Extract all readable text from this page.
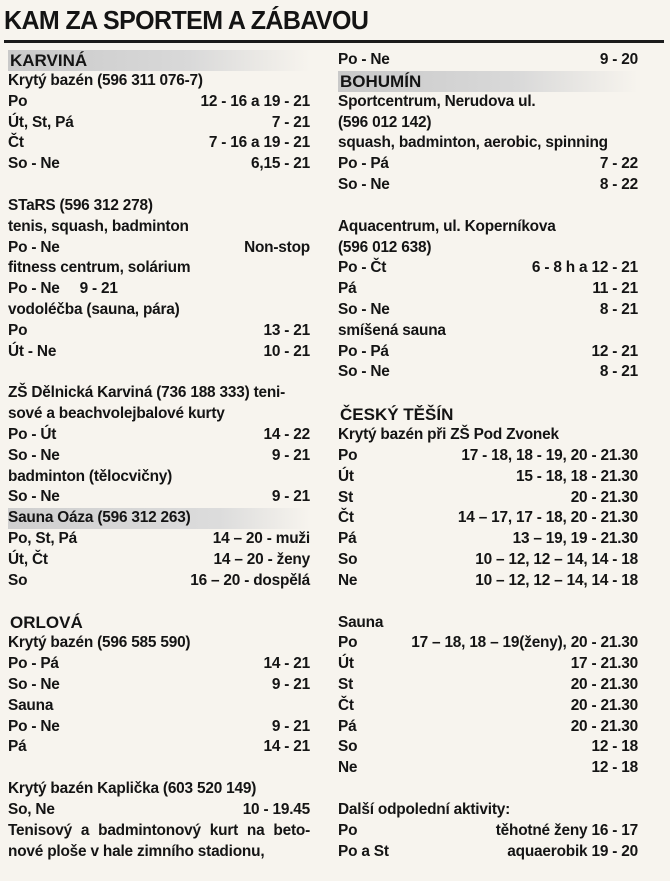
KAM ZA SPORTEM A ZÁBAVOU
KARVINÁ
Krytý bazén (596 311 076-7)
Po	12 - 16 a 19 - 21
Út, St, Pá	7 - 21
Čt	7 - 16 a 19 - 21
So - Ne	6,15 - 21
STaRS (596 312 278)
tenis, squash, badminton
Po - Ne	Non-stop
fitness centrum, solárium
Po - Ne 9 - 21
vodoléčba (sauna, pára)
Po	13 - 21
Út - Ne	10 - 21
ZŠ Dělnická Karviná (736 188 333) teni-
sové a beachvolejbalové kurty
Po - Út	14 - 22
So - Ne	9 - 21
badminton (tělocvičny)
So - Ne	9 - 21
Sauna Oáza (596 312 263)
Po, St, Pá	14 – 20 - muži
Út, Čt	14 – 20 - ženy
So	16 – 20 - dospělá
ORLOVÁ
Krytý bazén (596 585 590)
Po - Pá	14 - 21
So - Ne	9 - 21
Sauna
Po - Ne	9 - 21
Pá	14 - 21
Krytý bazén Kaplička (603 520 149)
So, Ne	10 - 19.45
Tenisový a badmintonový kurt na beto- nové ploše v hale zimního stadionu,
Po - Ne	9 - 20
BOHUMÍN
Sportcentrum, Nerudova ul.
(596 012 142)
squash, badminton, aerobic, spinning
Po - Pá	7 - 22
So - Ne	8 - 22
Aquacentrum, ul. Koperníkova
(596 012 638)
Po - Čt	6 - 8 h a 12 - 21
Pá	11 - 21
So - Ne	8 - 21
smíšená sauna
Po - Pá	12 - 21
So - Ne	8 - 21
ČESKÝ TĚŠÍN
Krytý bazén při ZŠ Pod Zvonek
Po	17 - 18, 18 - 19, 20 - 21.30
Út	15 - 18, 18 - 21.30
St	20 - 21.30
Čt	14 – 17, 17 - 18, 20 - 21.30
Pá	13 – 19, 19 - 21.30
So	10 – 12, 12 – 14, 14 - 18
Ne	10 – 12, 12 – 14, 14 - 18
Sauna
Po	17 – 18, 18 – 19(ženy), 20 - 21.30
Út	17 - 21.30
St	20 - 21.30
Čt	20 - 21.30
Pá	20 - 21.30
So	12 - 18
Ne	12 - 18
Další odpolední aktivity:
Po	těhotné ženy 16 - 17
Po a St	aquaerobik 19 - 20
